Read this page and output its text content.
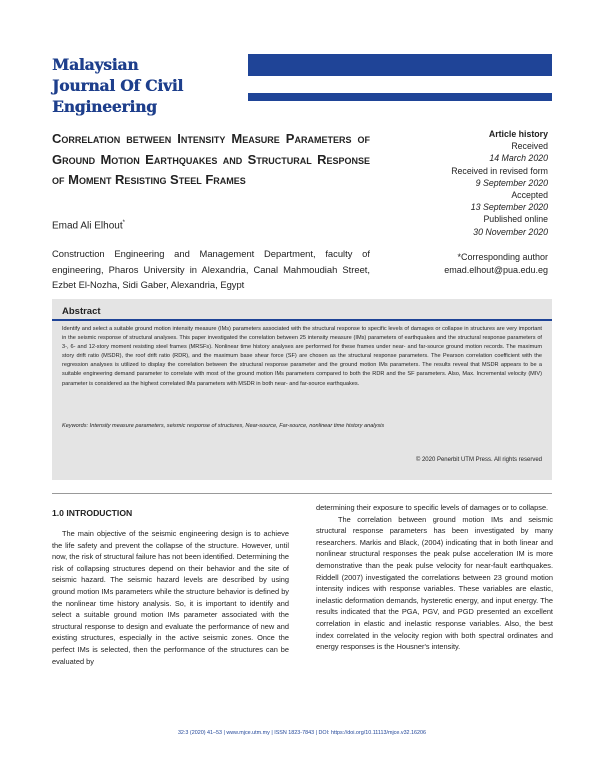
Malaysian
Journal Of Civil
Engineering
Correlation between Intensity Measure Parameters of Ground Motion Earthquakes and Structural Response of Moment Resisting Steel Frames
Emad Ali Elhout*
Construction Engineering and Management Department, faculty of engineering, Pharos University in Alexandria, Canal Mahmoudiah Street, Ezbet El-Nozha, Sidi Gaber, Alexandria, Egypt
Article history
Received
14 March 2020
Received in revised form
9 September 2020
Accepted
13 September 2020
Published online
30 November 2020
*Corresponding author
emad.elhout@pua.edu.eg
Abstract
Identify and select a suitable ground motion intensity measure (IMs) parameters associated with the structural response to specific levels of damages or collapse in structures are very important in the seismic response of structural analyses. This paper investigated the correlation between 25 intensity measure (IMs) parameters of earthquakes and the structural response parameters of 3-, 6- and 12-story moment resisting steel frames (MRSFs). Nonlinear time history analyses are performed for these frames under near- and far-source ground motion records. The maximum story drift ratio (MSDR), the roof drift ratio (RDR), and the maximum base shear force (SF) are chosen as the structural response parameters. The Pearson correlation coefficient with the regression analyses is utilized to display the correlation between the structural response parameter and the ground motion IMs parameters. The results reveal that MSDR appears to be a suitable engineering demand parameter to correlate with most of the ground motion IMs parameters compared to both the RDR and the SF parameters. Also, Max. Incremental velocity (MIV) parameter is considered as the highest correlated IMs parameters with MSDR in both near- and far-source earthquakes.
Keywords: Intensity measure parameters, seismic response of structures, Near-source, Far-source, nonlinear time history analysis
© 2020 Penerbit UTM Press. All rights reserved
1.0 INTRODUCTION
The main objective of the seismic engineering design is to achieve the life safety and prevent the collapse of the structure. However, until now, the risk of structural failure has not been identified. Determining the risk of collapsing structures depend on their behavior and the site of seismic hazard. The seismic hazard levels are described by using ground motion IMs parameters while the structure behavior is defined by the nonlinear time history analysis. So, it is important to identify and select a suitable ground motion IMs parameter associated with the structural response to design and evaluate the performance of new and existing structures, especially in the active seismic zones. Once the perfect IMs is selected, then the performance of the structures can be evaluated by

determining their exposure to specific levels of damages or to collapse.

The correlation between ground motion IMs and seismic structural response parameters has been investigated by many researchers. Markis and Black, (2004) indicating that in both linear and nonlinear structural responses the peak pulse acceleration IM is more demonstrative than the peak pulse velocity for near-fault earthquakes. Riddell (2007) investigated the correlations between 23 ground motion intensity indices with response variables. These variables are elastic, inelastic deformation demands, hysteretic energy, and input energy. The results indicated that the PGA, PGV, and PGD presented an excellent correlation in elastic and inelastic response variables. Also, the best index correlated in the velocity region with both spectral ordinates and energy responses is the Housner's intensity.

32:3 (2020) 41–53 | www.mjce.utm.my | ISSN 1823-7843 | DOI: https://doi.org/10.11113/mjce.v32.16206
